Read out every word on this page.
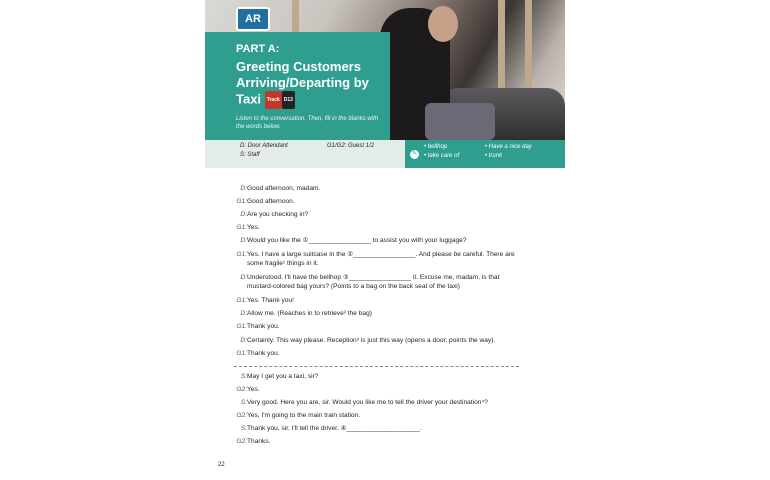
AR
PART A:
Greeting Customers Arriving/Departing by Taxi Track D13
Listen to the conversation. Then, fill in the blanks with the words below.
D: Door Attendant
S: Staff
G1/G2: Guest 1/2
✎
• bellhop
• take care of
• Have a nice day
• trunk
D: Good afternoon, madam.
G1: Good afternoon.
D: Are you checking in?
G1: Yes.
D: Would you like the ①_________________ to assist you with your luggage?
G1: Yes. I have a large suitcase in the ②_________________. And please be careful. There are
some fragile¹ things in it.
D: Understood. I'll have the bellhop ③_________________ it. Excuse me, madam, is that
mustard-colored bag yours? (Points to a bag on the back seat of the taxi)
G1: Yes. Thank you!
D: Allow me. (Reaches in to retrieve² the bag)
G1: Thank you.
D: Certainly. This way please. Reception³ is just this way (opens a door, points the way).
G1: Thank you.
S: May I get you a taxi, sir?
G2: Yes.
S: Very good. Here you are, sir. Would you like me to tell the driver your destination⁴?
G2: Yes, I'm going to the main train station.
S: Thank you, sir. I'll tell the driver. ④____________________.
G2: Thanks.
22
